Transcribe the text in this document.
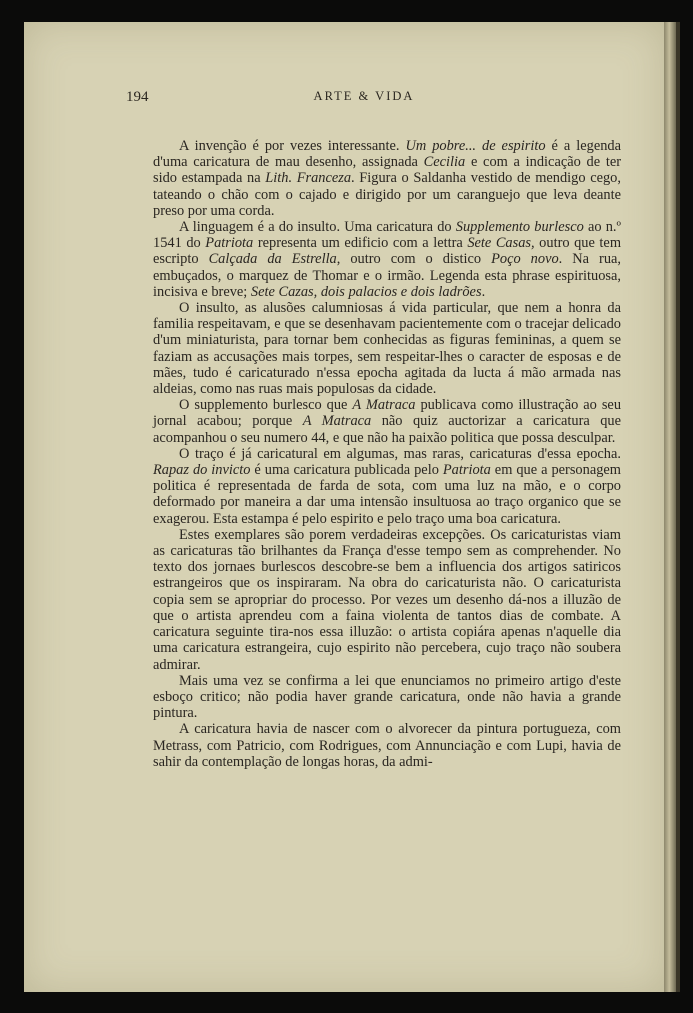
194	ARTE & VIDA

A invenção é por vezes interessante. Um pobre... de espirito é a legenda d'uma caricatura de mau desenho, assignada Cecilia e com a indicação de ter sido estampada na Lith. Franceza. Figura o Saldanha vestido de mendigo cego, tateando o chão com o cajado e dirigido por um caranguejo que leva deante preso por uma corda.

A linguagem é a do insulto. Uma caricatura do Supplemento burlesco ao n.º 1541 do Patriota representa um edificio com a lettra Sete Casas, outro que tem escripto Calçada da Estrella, outro com o distico Poço novo. Na rua, embuçados, o marquez de Thomar e o irmão. Legenda esta phrase espirituosa, incisiva e breve; Sete Cazas, dois palacios e dois ladrões.

O insulto, as alusões calumniosas á vida particular, que nem a honra da familia respeitavam, e que se desenhavam pacientemente com o tracejar delicado d'um miniaturista, para tornar bem conhecidas as figuras femininas, a quem se faziam as accusações mais torpes, sem respeitar-lhes o caracter de esposas e de mães, tudo é caricaturado n'essa epocha agitada da lucta á mão armada nas aldeias, como nas ruas mais populosas da cidade.

O supplemento burlesco que A Matraca publicava como illustração ao seu jornal acabou; porque A Matraca não quiz auctorizar a caricatura que acompanhou o seu numero 44, e que não ha paixão politica que possa desculpar.

O traço é já caricatural em algumas, mas raras, caricaturas d'essa epocha. Rapaz do invicto é uma caricatura publicada pelo Patriota em que a personagem politica é representada de farda de sota, com uma luz na mão, e o corpo deformado por maneira a dar uma intensão insultuosa ao traço organico que se exagerou. Esta estampa é pelo espirito e pelo traço uma boa caricatura.

Estes exemplares são porem verdadeiras excepções. Os caricaturistas viam as caricaturas tão brilhantes da França d'esse tempo sem as comprehender. No texto dos jornaes burlescos descobre-se bem a influencia dos artigos satiricos estrangeiros que os inspiraram. Na obra do caricaturista não. O caricaturista copia sem se apropriar do processo. Por vezes um desenho dá-nos a illuzão de que o artista aprendeu com a faina violenta de tantos dias de combate. A caricatura seguinte tira-nos essa illuzão: o artista copiára apenas n'aquelle dia uma caricatura estrangeira, cujo espirito não percebera, cujo traço não soubera admirar.

Mais uma vez se confirma a lei que enunciamos no primeiro artigo d'este esboço critico; não podia haver grande caricatura, onde não havia a grande pintura.

A caricatura havia de nascer com o alvorecer da pintura portugueza, com Metrass, com Patricio, com Rodrigues, com Annunciação e com Lupi, havia de sahir da contemplação de longas horas, da admi-
